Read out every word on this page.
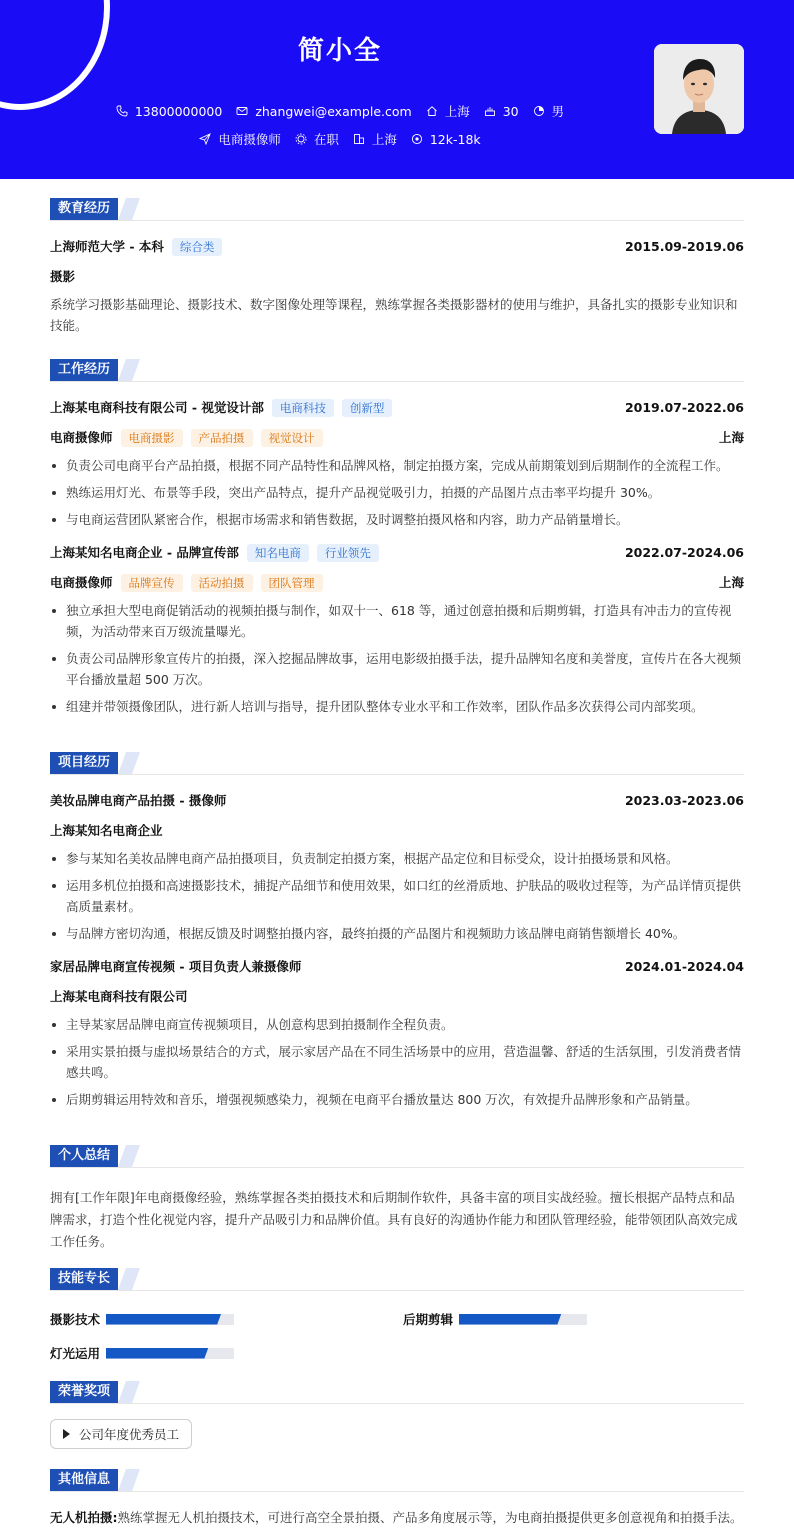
简小全
13800000000	zhangwei@example.com	上海	30	男
电商摄像师	在职	上海	12k-18k
教育经历
上海师范大学 - 本科 综合类	2015.09-2019.06
摄影
系统学习摄影基础理论、摄影技术、数字图像处理等课程，熟练掌握各类摄影器材的使用与维护，具备扎实的摄影专业知识和技能。
工作经历
上海某电商科技有限公司 - 视觉设计部 电商科技 创新型	2019.07-2022.06
电商摄像师 电商摄影 产品拍摄 视觉设计	上海
负责公司电商平台产品拍摄，根据不同产品特性和品牌风格，制定拍摄方案，完成从前期策划到后期制作的全流程工作。
熟练运用灯光、布景等手段，突出产品特点，提升产品视觉吸引力，拍摄的产品图片点击率平均提升 30%。
与电商运营团队紧密合作，根据市场需求和销售数据，及时调整拍摄风格和内容，助力产品销量增长。
上海某知名电商企业 - 品牌宣传部 知名电商 行业领先	2022.07-2024.06
电商摄像师 品牌宣传 活动拍摄 团队管理	上海
独立承担大型电商促销活动的视频拍摄与制作，如双十一、618 等，通过创意拍摄和后期剪辑，打造具有冲击力的宣传视频，为活动带来百万级流量曝光。
负责公司品牌形象宣传片的拍摄，深入挖掘品牌故事，运用电影级拍摄手法，提升品牌知名度和美誉度，宣传片在各大视频平台播放量超 500 万次。
组建并带领摄像团队，进行新人培训与指导，提升团队整体专业水平和工作效率，团队作品多次获得公司内部奖项。
项目经历
美妆品牌电商产品拍摄 - 摄像师	2023.03-2023.06
上海某知名电商企业
参与某知名美妆品牌电商产品拍摄项目，负责制定拍摄方案，根据产品定位和目标受众，设计拍摄场景和风格。
运用多机位拍摄和高速摄影技术，捕捉产品细节和使用效果，如口红的丝滑质地、护肤品的吸收过程等，为产品详情页提供高质量素材。
与品牌方密切沟通，根据反馈及时调整拍摄内容，最终拍摄的产品图片和视频助力该品牌电商销售额增长 40%。
家居品牌电商宣传视频 - 项目负责人兼摄像师	2024.01-2024.04
上海某电商科技有限公司
主导某家居品牌电商宣传视频项目，从创意构思到拍摄制作全程负责。
采用实景拍摄与虚拟场景结合的方式，展示家居产品在不同生活场景中的应用，营造温馨、舒适的生活氛围，引发消费者情感共鸣。
后期剪辑运用特效和音乐，增强视频感染力，视频在电商平台播放量达 800 万次，有效提升品牌形象和产品销量。
个人总结
拥有[工作年限]年电商摄像经验，熟练掌握各类拍摄技术和后期制作软件，具备丰富的项目实战经验。擅长根据产品特点和品牌需求，打造个性化视觉内容，提升产品吸引力和品牌价值。具有良好的沟通协作能力和团队管理经验，能带领团队高效完成工作任务。
技能专长
摄影技术	后期剪辑
灯光运用
荣誉奖项
公司年度优秀员工
其他信息
无人机拍摄:熟练掌握无人机拍摄技术，可进行高空全景拍摄、产品多角度展示等，为电商拍摄提供更多创意视角和拍摄手法。
